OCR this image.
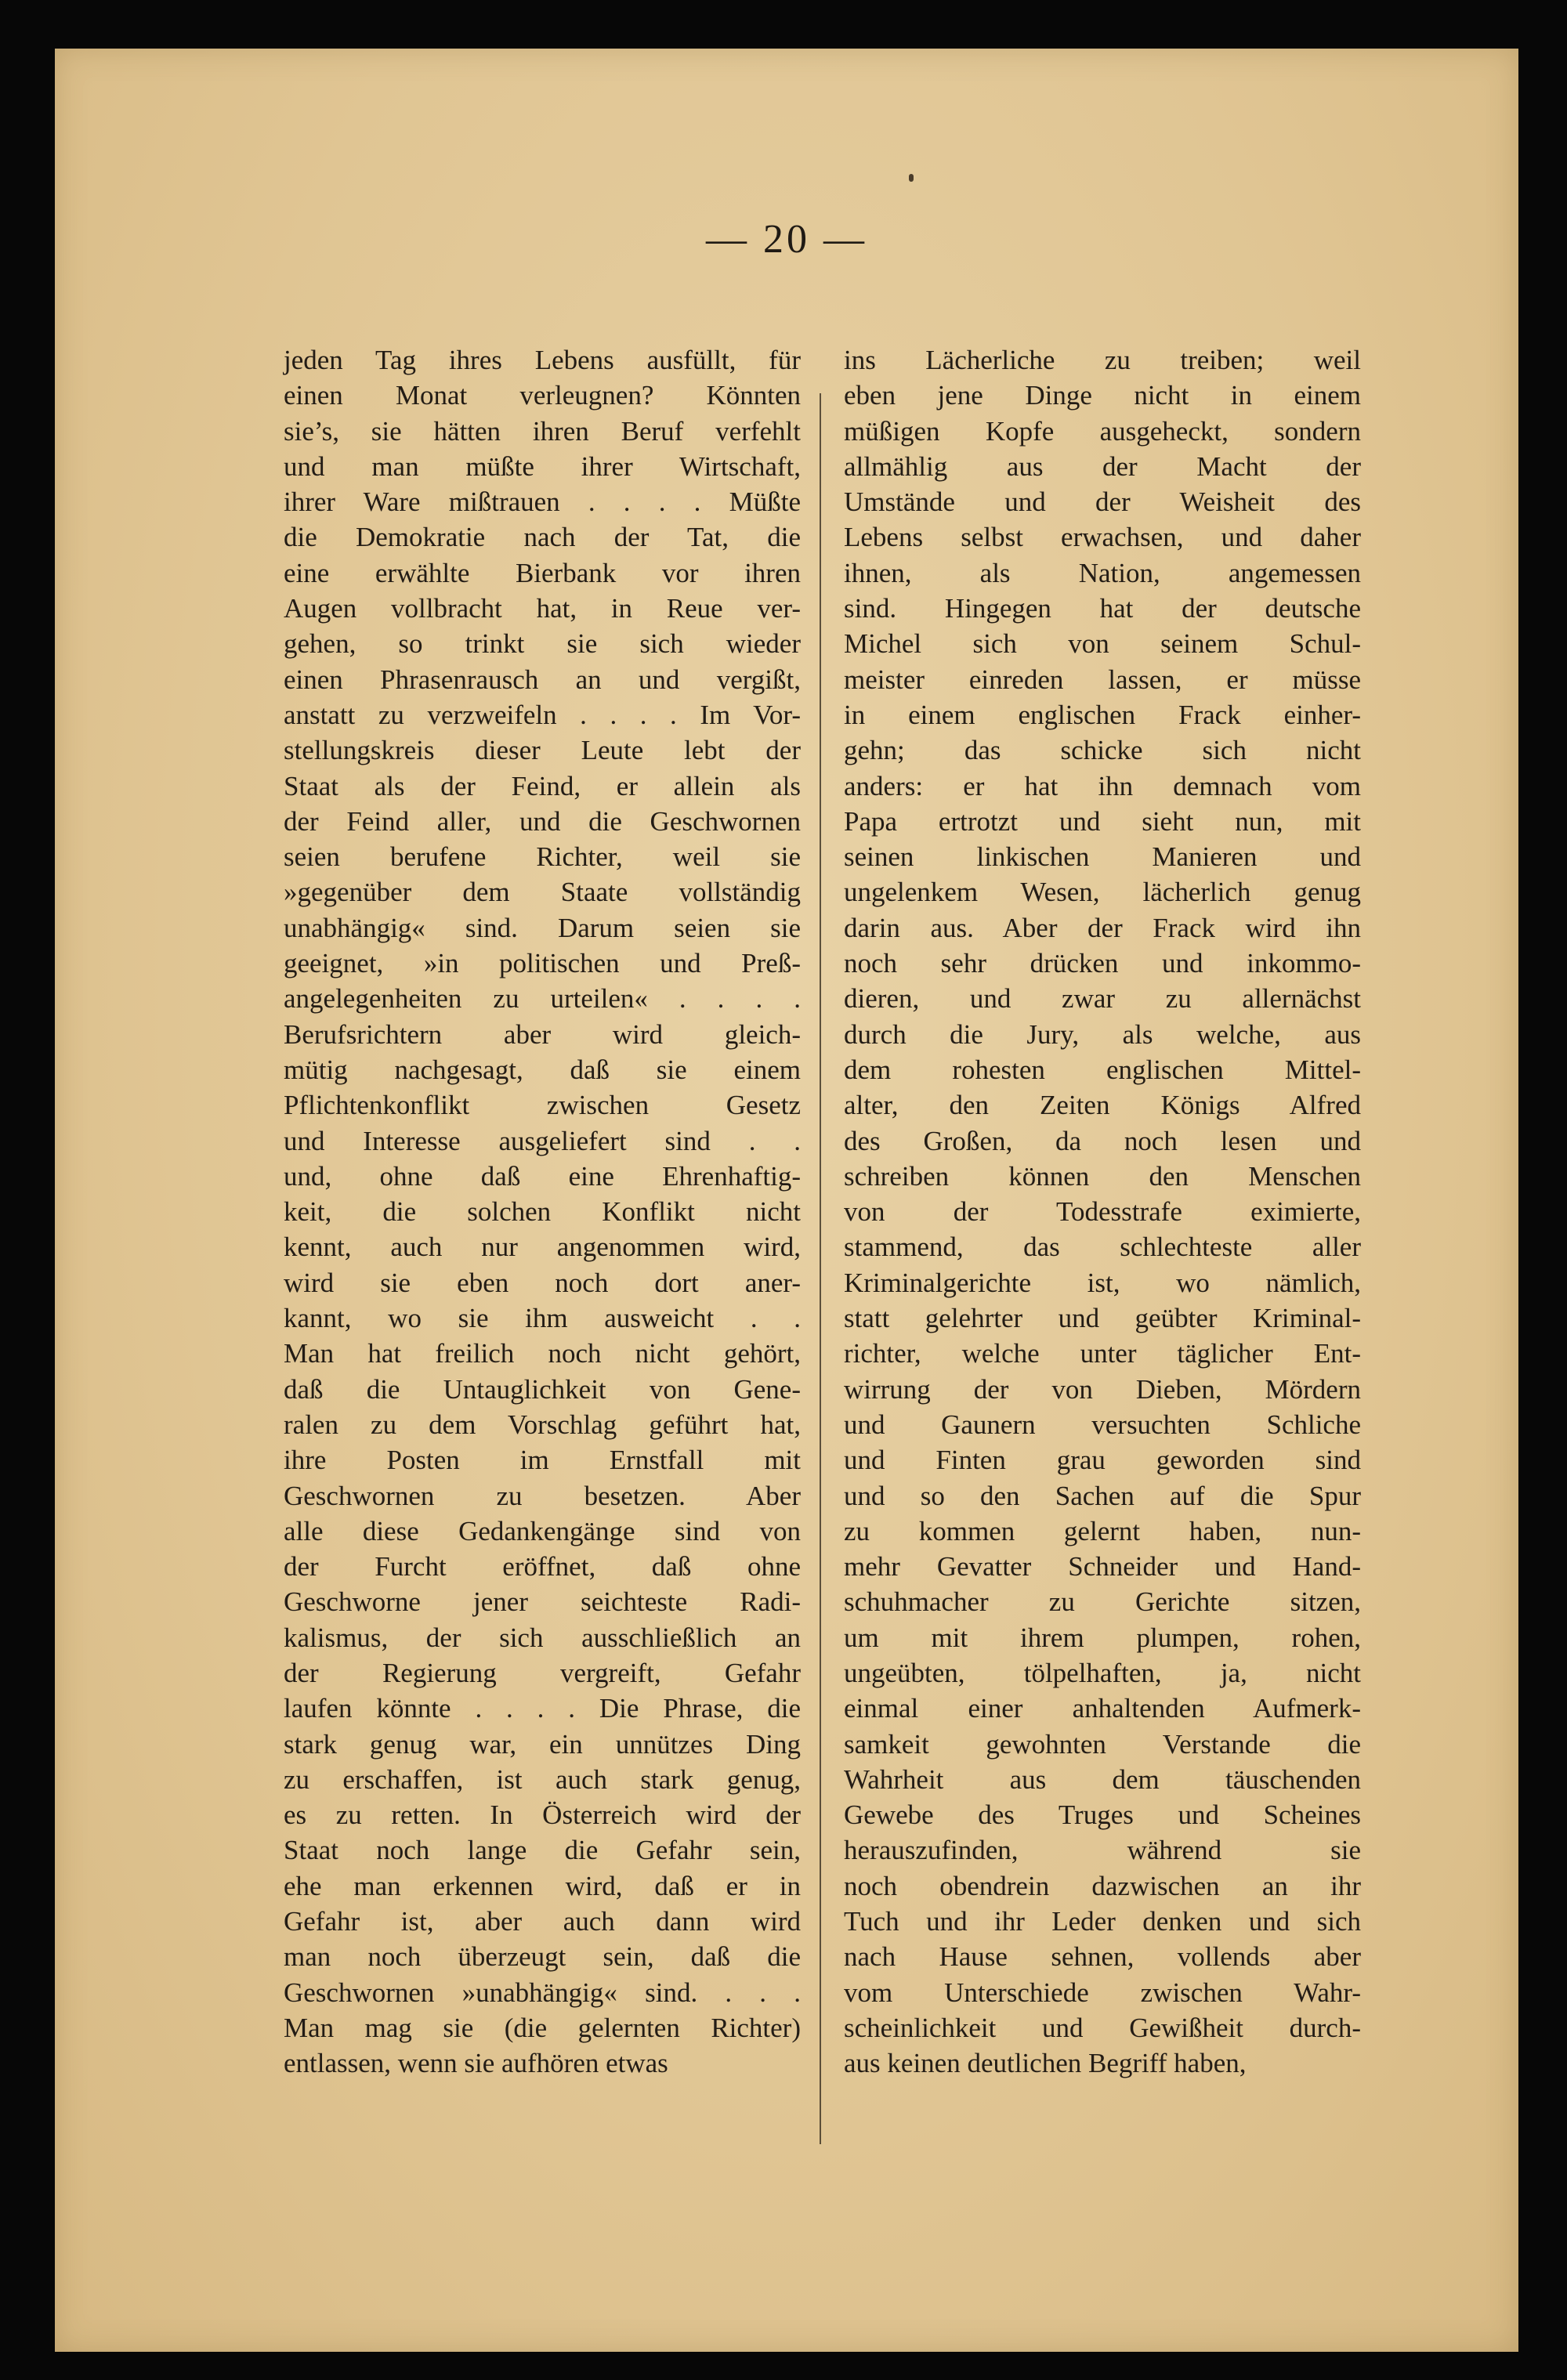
— 20 —
jeden Tag ihres Lebens ausfüllt, für
einen Monat verleugnen? Könnten
sie’s, sie hätten ihren Beruf verfehlt
und man müßte ihrer Wirtschaft,
ihrer Ware mißtrauen . . . . Müßte
die Demokratie nach der Tat, die
eine erwählte Bierbank vor ihren
Augen vollbracht hat, in Reue ver-
gehen, so trinkt sie sich wieder
einen Phrasenrausch an und vergißt,
anstatt zu verzweifeln . . . . Im Vor-
stellungskreis dieser Leute lebt der
Staat als der Feind, er allein als
der Feind aller, und die Geschwornen
seien berufene Richter, weil sie
»gegenüber dem Staate vollständig
unabhängig« sind. Darum seien sie
geeignet, »in politischen und Preß-
angelegenheiten zu urteilen« . . . .
Berufsrichtern aber wird gleich-
mütig nachgesagt, daß sie einem
Pflichtenkonflikt zwischen Gesetz
und Interesse ausgeliefert sind . .
und, ohne daß eine Ehrenhaftig-
keit, die solchen Konflikt nicht
kennt, auch nur angenommen wird,
wird sie eben noch dort aner-
kannt, wo sie ihm ausweicht . .
Man hat freilich noch nicht gehört,
daß die Untauglichkeit von Gene-
ralen zu dem Vorschlag geführt hat,
ihre Posten im Ernstfall mit
Geschwornen zu besetzen. Aber
alle diese Gedankengänge sind von
der Furcht eröffnet, daß ohne
Geschworne jener seichteste Radi-
kalismus, der sich ausschließlich an
der Regierung vergreift, Gefahr
laufen könnte . . . . Die Phrase, die
stark genug war, ein unnützes Ding
zu erschaffen, ist auch stark genug,
es zu retten. In Österreich wird der
Staat noch lange die Gefahr sein,
ehe man erkennen wird, daß er in
Gefahr ist, aber auch dann wird
man noch überzeugt sein, daß die
Geschwornen »unabhängig« sind. . . .
Man mag sie (die gelernten Richter)
entlassen, wenn sie aufhören etwas
ins Lächerliche zu treiben; weil
eben jene Dinge nicht in einem
müßigen Kopfe ausgeheckt, sondern
allmählig aus der Macht der
Umstände und der Weisheit des
Lebens selbst erwachsen, und daher
ihnen, als Nation, angemessen
sind. Hingegen hat der deutsche
Michel sich von seinem Schul-
meister einreden lassen, er müsse
in einem englischen Frack einher-
gehn; das schicke sich nicht
anders: er hat ihn demnach vom
Papa ertrotzt und sieht nun, mit
seinen linkischen Manieren und
ungelenkem Wesen, lächerlich genug
darin aus. Aber der Frack wird ihn
noch sehr drücken und inkommo-
dieren, und zwar zu allernächst
durch die Jury, als welche, aus
dem rohesten englischen Mittel-
alter, den Zeiten Königs Alfred
des Großen, da noch lesen und
schreiben können den Menschen
von der Todesstrafe eximierte,
stammend, das schlechteste aller
Kriminalgerichte ist, wo nämlich,
statt gelehrter und geübter Kriminal-
richter, welche unter täglicher Ent-
wirrung der von Dieben, Mördern
und Gaunern versuchten Schliche
und Finten grau geworden sind
und so den Sachen auf die Spur
zu kommen gelernt haben, nun-
mehr Gevatter Schneider und Hand-
schuhmacher zu Gerichte sitzen,
um mit ihrem plumpen, rohen,
ungeübten, tölpelhaften, ja, nicht
einmal einer anhaltenden Aufmerk-
samkeit gewohnten Verstande die
Wahrheit aus dem täuschenden
Gewebe des Truges und Scheines
herauszufinden, während sie
noch obendrein dazwischen an ihr
Tuch und ihr Leder denken und sich
nach Hause sehnen, vollends aber
vom Unterschiede zwischen Wahr-
scheinlichkeit und Gewißheit durch-
aus keinen deutlichen Begriff haben,
